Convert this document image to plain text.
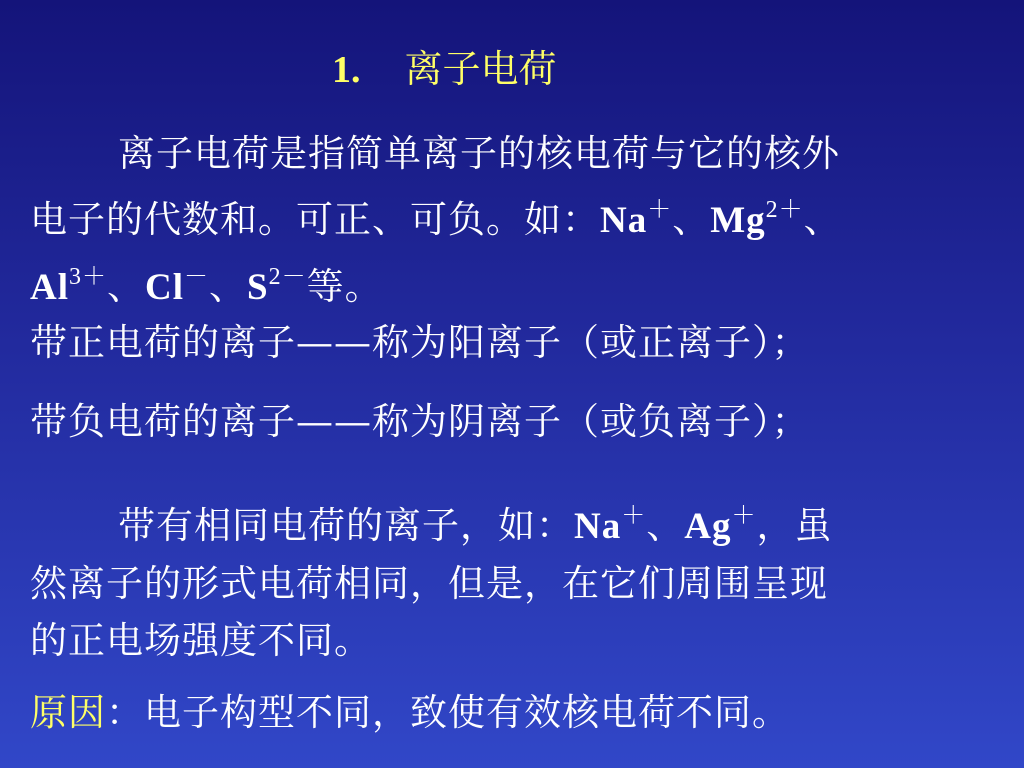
1. 离子电荷
离子电荷是指简单离子的核电荷与它的核外
电子的代数和。可正、可负。如：Na＋、$Mg^{2+}$、
$Al^{3+}$、Cl－、$S^{2-}$等。
带正电荷的离子——称为阳离子（或正离子）；
带负电荷的离子——称为阴离子（或负离子）；
带有相同电荷的离子，如：Na＋、Ag＋，虽
然离子的形式电荷相同，但是，在它们周围呈现
的正电场强度不同。
原因：电子构型不同，致使有效核电荷不同。
